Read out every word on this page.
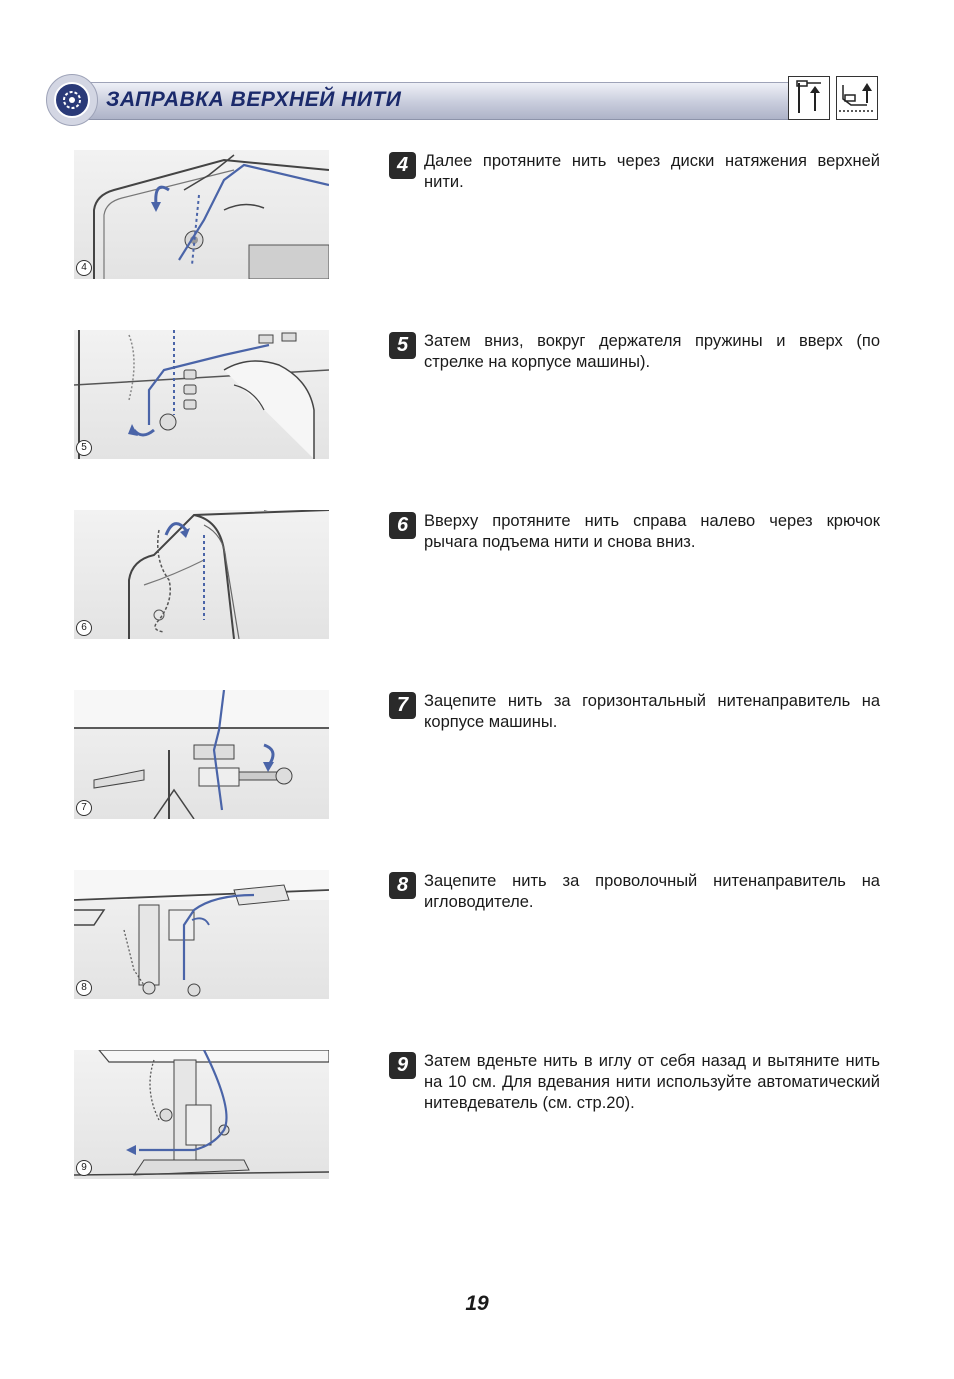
ЗАПРАВКА ВЕРХНЕЙ НИТИ
4
4 Далее протяните нить через диски натяжения верхней нити.
5
5 Затем вниз, вокруг держателя пружины и вверх (по стрелке на корпусе машины).
6
6 Вверху протяните нить справа налево через крючок рычага подъема нити и снова вниз.
7
7 Зацепите нить за горизонтальный нитенаправитель на корпусе машины.
8
8 Зацепите нить за проволочный нитенаправитель на игловодителе.
9
9 Затем вденьте нить в иглу от себя назад и вытяните нить на 10 см. Для вдевания нити используйте автоматический нитевдеватель (см. стр.20).
19
